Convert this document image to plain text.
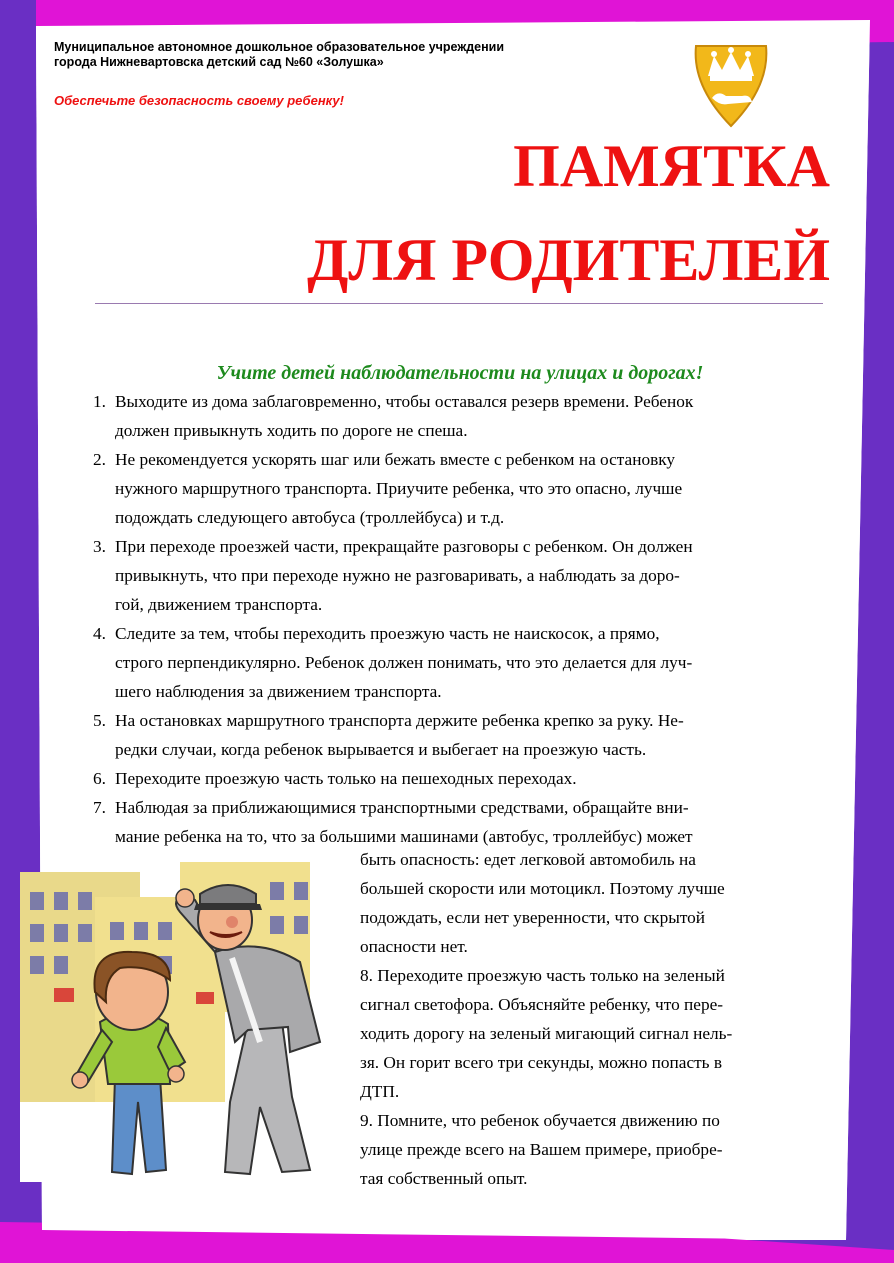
Муниципальное автономное дошкольное образовательное учреждении
города Нижневартовска детский сад №60 «Золушка»
Обеспечьте безопасность своему ребенку!
ПАМЯТКА
ДЛЯ РОДИТЕЛЕЙ
Учите детей наблюдательности на улицах и дорогах!
1. Выходите из дома заблаговременно, чтобы оставался резерв времени. Ребенок
должен привыкнуть ходить по дороге не спеша.
2. Не рекомендуется ускорять шаг или бежать вместе с ребенком на остановку
нужного маршрутного транспорта. Приучите ребенка, что это опасно, лучше
подождать следующего автобуса (троллейбуса) и т.д.
3. При переходе проезжей части, прекращайте разговоры с ребенком. Он должен
привыкнуть, что при переходе нужно не разговаривать, а наблюдать за доро-
гой, движением транспорта.
4. Следите за тем, чтобы переходить проезжую часть не наискосок, а прямо,
строго перпендикулярно. Ребенок должен понимать, что это делается для луч-
шего наблюдения за движением транспорта.
5. На остановках маршрутного транспорта держите ребенка крепко за руку. Не-
редки случаи, когда ребенок вырывается и выбегает на проезжую часть.
6. Переходите проезжую часть только на пешеходных переходах.
7. Наблюдая за приближающимися транспортными средствами, обращайте вни-
мание ребенка на то, что за большими машинами (автобус, троллейбус) может
быть опасность: едет легковой автомобиль на
большей скорости или мотоцикл. Поэтому лучше
подождать, если нет уверенности, что скрытой
опасности нет.
8. Переходите проезжую часть только на зеленый
сигнал светофора. Объясняйте ребенку, что пере-
ходить дорогу на зеленый мигающий сигнал нель-
зя. Он горит всего три секунды, можно попасть в
ДТП.
9. Помните, что ребенок обучается движению по
улице прежде всего на Вашем примере, приобре-
тая собственный опыт.
